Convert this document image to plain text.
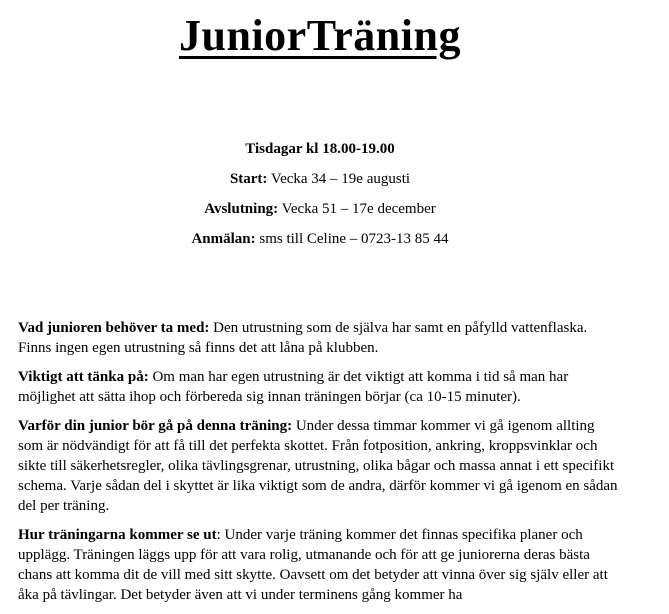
JuniorTräning
Tisdagar kl 18.00-19.00
Start: Vecka 34 – 19e augusti
Avslutning: Vecka 51 – 17e december
Anmälan: sms till Celine – 0723-13 85 44

Vad junioren behöver ta med: Den utrustning som de själva har samt en påfylld vattenflaska. Finns ingen egen utrustning så finns det att låna på klubben.

Viktigt att tänka på: Om man har egen utrustning är det viktigt att komma i tid så man har möjlighet att sätta ihop och förbereda sig innan träningen börjar (ca 10-15 minuter).

Varför din junior bör gå på denna träning: Under dessa timmar kommer vi gå igenom allting som är nödvändigt för att få till det perfekta skottet. Från fotposition, ankring, kroppsvinklar och sikte till säkerhetsregler, olika tävlingsgrenar, utrustning, olika bågar och massa annat i ett specifikt schema. Varje sådan del i skyttet är lika viktigt som de andra, därför kommer vi gå igenom en sådan del per träning.

Hur träningarna kommer se ut: Under varje träning kommer det finnas specifika planer och upplägg. Träningen läggs upp för att vara rolig, utmanande och för att ge juniorerna deras bästa chans att komma dit de vill med sitt skytte. Oavsett om det betyder att vinna över sig själv eller att åka på tävlingar. Det betyder även att vi under terminens gång kommer ha
